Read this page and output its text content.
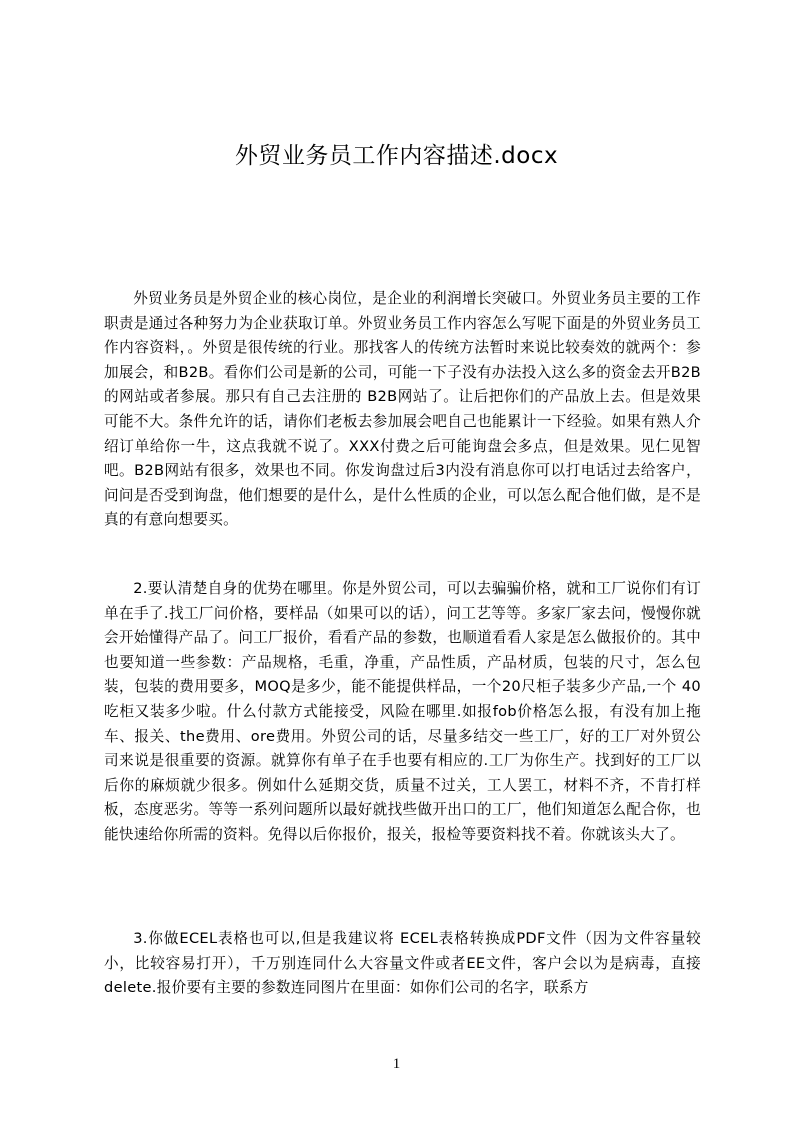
外贸业务员工作内容描述.docx

外贸业务员是外贸企业的核心岗位，是企业的利润增长突破口。外贸业务员主要的工作职责是通过各种努力为企业获取订单。外贸业务员工作内容怎么写呢下面是的外贸业务员工作内容资料，。外贸是很传统的行业。那找客人的传统方法暂时来说比较奏效的就两个：参加展会，和B2B。看你们公司是新的公司，可能一下子没有办法投入这么多的资金去开B2B的网站或者参展。那只有自己去注册的 B2B网站了。让后把你们的产品放上去。但是效果可能不大。条件允许的话，请你们老板去参加展会吧自己也能累计一下经验。如果有熟人介绍订单给你一牛，这点我就不说了。XXX付费之后可能询盘会多点，但是效果。见仁见智吧。B2B网站有很多，效果也不同。你发询盘过后3内没有消息你可以打电话过去给客户，问问是否受到询盘，他们想要的是什么，是什么性质的企业，可以怎么配合他们做，是不是真的有意向想要买。

2.要认清楚自身的优势在哪里。你是外贸公司，可以去骗骗价格，就和工厂说你们有订单在手了.找工厂问价格，要样品（如果可以的话），问工艺等等。多家厂家去问，慢慢你就会开始懂得产品了。问工厂报价，看看产品的参数，也顺道看看人家是怎么做报价的。其中也要知道一些参数：产品规格，毛重，净重，产品性质，产品材质，包装的尺寸，怎么包装，包装的费用要多，MOQ是多少，能不能提供样品，一个20尺柜子装多少产品,一个 40吃柜又装多少啦。什么付款方式能接受，风险在哪里.如报fob价格怎么报，有没有加上拖车、报关、the费用、ore费用。外贸公司的话，尽量多结交一些工厂，好的工厂对外贸公司来说是很重要的资源。就算你有单子在手也要有相应的.工厂为你生产。找到好的工厂以后你的麻烦就少很多。例如什么延期交货，质量不过关，工人罢工，材料不齐，不肯打样板，态度恶劣。等等一系列问题所以最好就找些做开出口的工厂，他们知道怎么配合你，也能快速给你所需的资料。免得以后你报价，报关，报检等要资料找不着。你就该头大了。

3.你做ECEL表格也可以,但是我建议将 ECEL表格转换成PDF文件（因为文件容量较小，比较容易打开），千万别连同什么大容量文件或者EE文件，客户会以为是病毒，直接delete.报价要有主要的参数连同图片在里面：如你们公司的名字，联系方

1
